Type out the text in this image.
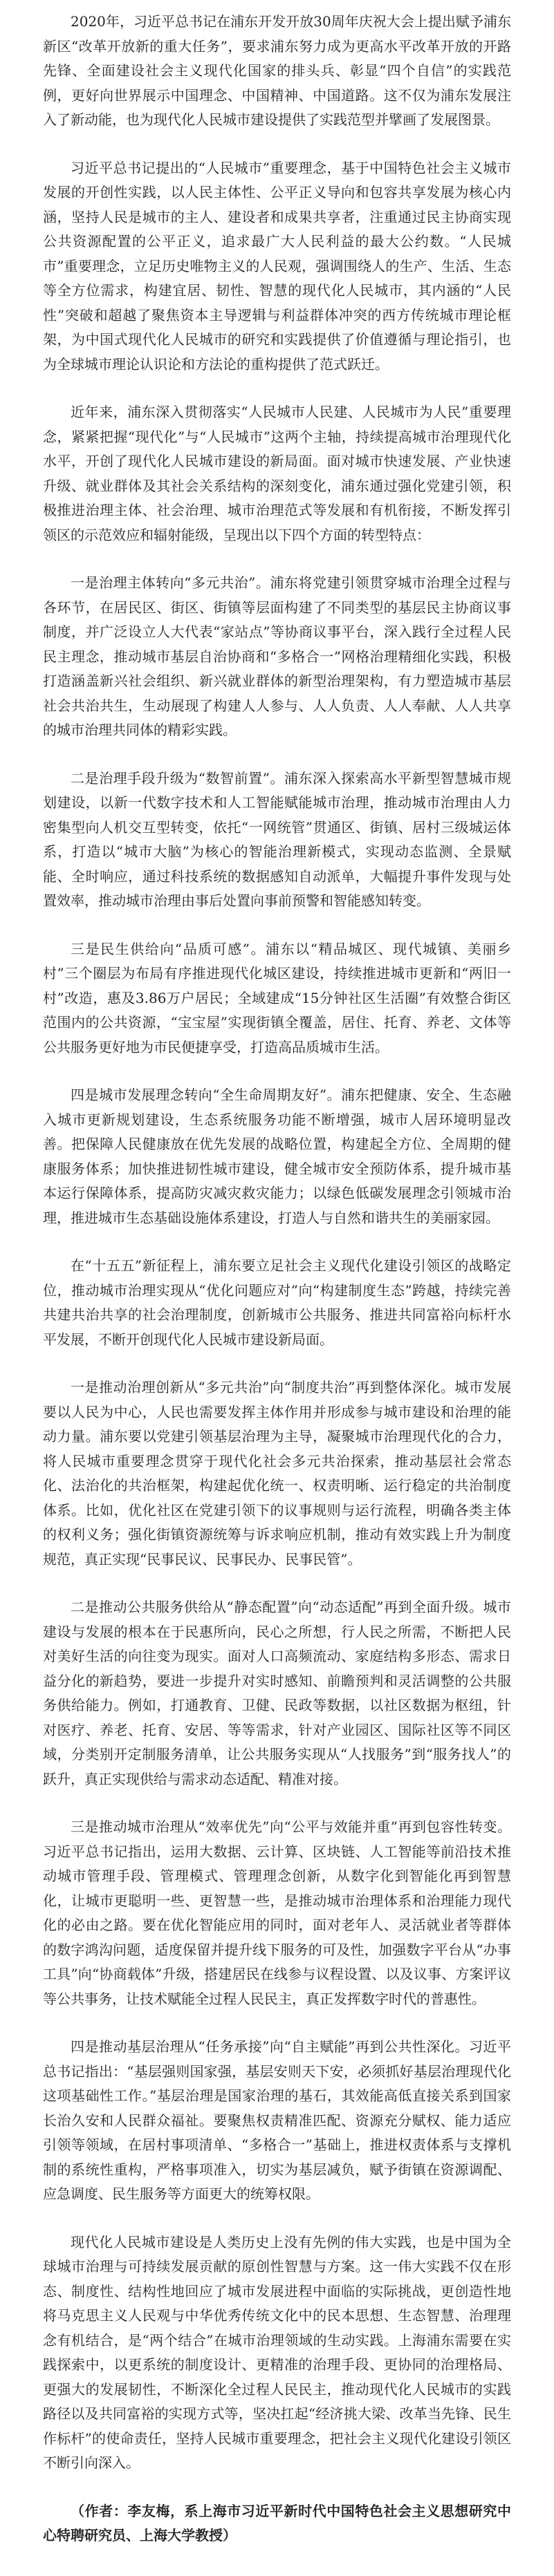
2020年，习近平总书记在浦东开发开放30周年庆祝大会上提出赋予浦东新区“改革开放新的重大任务”，要求浦东努力成为更高水平改革开放的开路先锋、全面建设社会主义现代化国家的排头兵、彰显“四个自信”的实践范例，更好向世界展示中国理念、中国精神、中国道路。这不仅为浦东发展注入了新动能，也为现代化人民城市建设提供了实践范型并擘画了发展图景。

习近平总书记提出的“人民城市”重要理念，基于中国特色社会主义城市发展的开创性实践，以人民主体性、公平正义导向和包容共享发展为核心内涵，坚持人民是城市的主人、建设者和成果共享者，注重通过民主协商实现公共资源配置的公平正义，追求最广大人民利益的最大公约数。“人民城市”重要理念，立足历史唯物主义的人民观，强调围绕人的生产、生活、生态等全方位需求，构建宜居、韧性、智慧的现代化人民城市，其内涵的“人民性”突破和超越了聚焦资本主导逻辑与利益群体冲突的西方传统城市理论框架，为中国式现代化人民城市的研究和实践提供了价值遵循与理论指引，也为全球城市理论认识论和方法论的重构提供了范式跃迁。

近年来，浦东深入贯彻落实“人民城市人民建、人民城市为人民”重要理念，紧紧把握“现代化”与“人民城市”这两个主轴，持续提高城市治理现代化水平，开创了现代化人民城市建设的新局面。面对城市快速发展、产业快速升级、就业群体及其社会关系结构的深刻变化，浦东通过强化党建引领，积极推进治理主体、社会治理、城市治理范式等发展和有机衔接，不断发挥引领区的示范效应和辐射能级，呈现出以下四个方面的转型特点：

一是治理主体转向“多元共治”。浦东将党建引领贯穿城市治理全过程与各环节，在居民区、街区、街镇等层面构建了不同类型的基层民主协商议事制度，并广泛设立人大代表“家站点”等协商议事平台，深入践行全过程人民民主理念，推动城市基层自治协商和“多格合一”网格治理精细化实践，积极打造涵盖新兴社会组织、新兴就业群体的新型治理架构，有力塑造城市基层社会共治共生，生动展现了构建人人参与、人人负责、人人奉献、人人共享的城市治理共同体的精彩实践。

二是治理手段升级为“数智前置”。浦东深入探索高水平新型智慧城市规划建设，以新一代数字技术和人工智能赋能城市治理，推动城市治理由人力密集型向人机交互型转变，依托“一网统管”贯通区、街镇、居村三级城运体系，打造以“城市大脑”为核心的智能治理新模式，实现动态监测、全景赋能、全时响应，通过科技系统的数据感知自动派单，大幅提升事件发现与处置效率，推动城市治理由事后处置向事前预警和智能感知转变。

三是民生供给向“品质可感”。浦东以“精品城区、现代城镇、美丽乡村”三个圈层为布局有序推进现代化城区建设，持续推进城市更新和“两旧一村”改造，惠及3.86万户居民；全域建成“15分钟社区生活圈”有效整合街区范围内的公共资源，“宝宝屋”实现街镇全覆盖，居住、托育、养老、文体等公共服务更好地为市民便捷享受，打造高品质城市生活。

四是城市发展理念转向“全生命周期友好”。浦东把健康、安全、生态融入城市更新规划建设，生态系统服务功能不断增强，城市人居环境明显改善。把保障人民健康放在优先发展的战略位置，构建起全方位、全周期的健康服务体系；加快推进韧性城市建设，健全城市安全预防体系，提升城市基本运行保障体系，提高防灾减灾救灾能力；以绿色低碳发展理念引领城市治理，推进城市生态基础设施体系建设，打造人与自然和谐共生的美丽家园。

在“十五五”新征程上，浦东要立足社会主义现代化建设引领区的战略定位，推动城市治理实现从“优化问题应对”向“构建制度生态”跨越，持续完善共建共治共享的社会治理制度，创新城市公共服务、推进共同富裕向标杆水平发展，不断开创现代化人民城市建设新局面。

一是推动治理创新从“多元共治”向“制度共治”再到整体深化。城市发展要以人民为中心，人民也需要发挥主体作用并形成参与城市建设和治理的能动力量。浦东要以党建引领基层治理为主导，凝聚城市治理现代化的合力，将人民城市重要理念贯穿于现代化社会多元共治探索，推动基层社会常态化、法治化的共治框架，构建起优化统一、权责明晰、运行稳定的共治制度体系。比如，优化社区在党建引领下的议事规则与运行流程，明确各类主体的权利义务；强化街镇资源统筹与诉求响应机制，推动有效实践上升为制度规范，真正实现“民事民议、民事民办、民事民管”。

二是推动公共服务供给从“静态配置”向“动态适配”再到全面升级。城市建设与发展的根本在于民惠所向，民心之所想，行人民之所需，不断把人民对美好生活的向往变为现实。面对人口高频流动、家庭结构多形态、需求日益分化的新趋势，要进一步提升对实时感知、前瞻预判和灵活调整的公共服务供给能力。例如，打通教育、卫健、民政等数据，以社区数据为枢纽，针对医疗、养老、托育、安居、等等需求，针对产业园区、国际社区等不同区域，分类别开定制服务清单，让公共服务实现从“人找服务”到“服务找人”的跃升，真正实现供给与需求动态适配、精准对接。

三是推动城市治理从“效率优先”向“公平与效能并重”再到包容性转变。习近平总书记指出，运用大数据、云计算、区块链、人工智能等前沿技术推动城市管理手段、管理模式、管理理念创新，从数字化到智能化再到智慧化，让城市更聪明一些、更智慧一些，是推动城市治理体系和治理能力现代化的必由之路。要在优化智能应用的同时，面对老年人、灵活就业者等群体的数字鸿沟问题，适度保留并提升线下服务的可及性，加强数字平台从“办事工具”向“协商载体”升级，搭建居民在线参与议程设置、以及议事、方案评议等公共事务，让技术赋能全过程人民民主，真正发挥数字时代的普惠性。

四是推动基层治理从“任务承接”向“自主赋能”再到公共性深化。习近平总书记指出：“基层强则国家强，基层安则天下安，必须抓好基层治理现代化这项基础性工作。”基层治理是国家治理的基石，其效能高低直接关系到国家长治久安和人民群众福祉。要聚焦权责精准匹配、资源充分赋权、能力适应引领等领域，在居村事项清单、“多格合一”基础上，推进权责体系与支撑机制的系统性重构，严格事项准入，切实为基层减负，赋予街镇在资源调配、应急调度、民生服务等方面更大的统筹权限。

现代化人民城市建设是人类历史上没有先例的伟大实践，也是中国为全球城市治理与可持续发展贡献的原创性智慧与方案。这一伟大实践不仅在形态、制度性、结构性地回应了城市发展进程中面临的实际挑战，更创造性地将马克思主义人民观与中华优秀传统文化中的民本思想、生态智慧、治理理念有机结合，是“两个结合”在城市治理领域的生动实践。上海浦东需要在实践探索中，以更系统的制度设计、更精准的治理手段、更协同的治理格局、更强大的发展韧性，不断深化全过程人民民主，推动现代化人民城市的实践路径以及共同富裕的实现方式等，坚决扛起“经济挑大梁、改革当先锋、民生作标杆”的使命责任，坚持人民城市重要理念，把社会主义现代化建设引领区不断引向深入。

（作者：李友梅，系上海市习近平新时代中国特色社会主义思想研究中心特聘研究员、上海大学教授）
